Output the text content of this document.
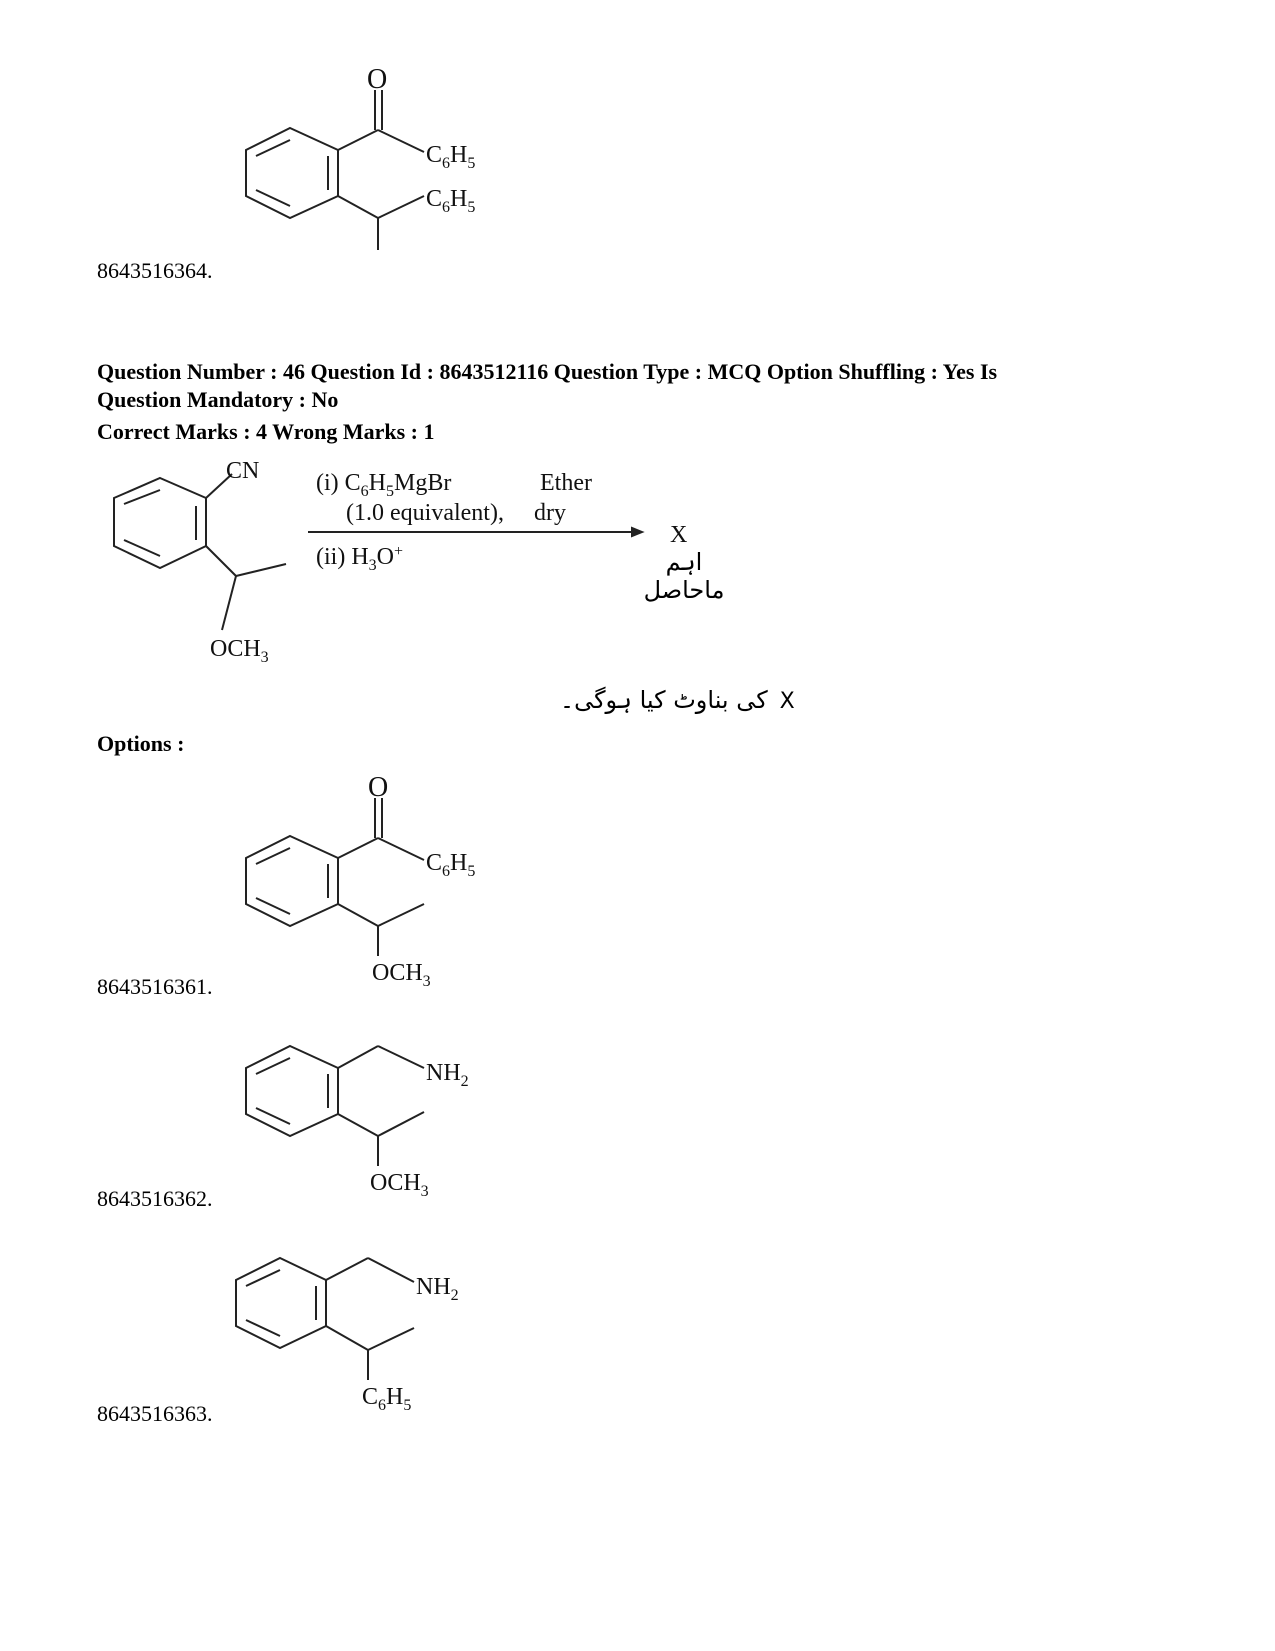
O
$C_6H_5$
$C_6H_5$
8643516364.
Question Number : 46 Question Id : 8643512116 Question Type : MCQ Option Shuffling : Yes Is
Question Mandatory : No
Correct Marks : 4 Wrong Marks : 1
CN
$OCH_3$
(i) $C_6H_5MgBr$	Ether
(1.0 equivalent), dry
(ii) $H_3O^+$
X
اہم ماحاصل
کی بناوٹ کیا ہوگی۔ X
Options :
O
$C_6H_5$
$OCH_3$
8643516361.
$NH_2$
$OCH_3$
8643516362.
$NH_2$
$C_6H_5$
8643516363.
